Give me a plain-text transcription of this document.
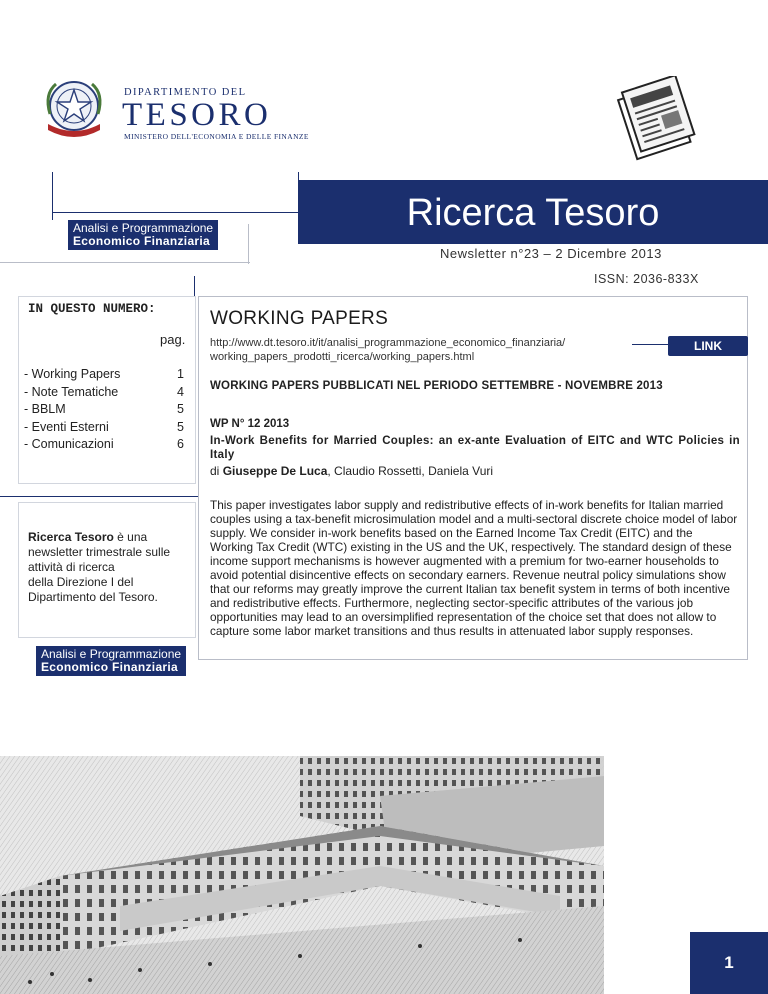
DIPARTIMENTO DEL
TESORO
MINISTERO DELL'ECONOMIA E DELLE FINANZE
Ricerca Tesoro
Analisi e Programmazione
Economico Finanziaria
Newsletter n°23 – 2 Dicembre 2013
ISSN: 2036-833X
IN QUESTO NUMERO:
pag.
- Working Papers	1
- Note Tematiche	4
- BBLM	5
- Eventi Esterni	5
- Comunicazioni	6
Ricerca Tesoro è una
newsletter trimestrale sulle
attività di ricerca
della Direzione I del
Dipartimento del Tesoro.
Analisi e Programmazione
Economico Finanziaria
WORKING PAPERS
http://www.dt.tesoro.it/it/analisi_programmazione_economico_finanziaria/
working_papers_prodotti_ricerca/working_papers.html
LINK
WORKING PAPERS PUBBLICATI NEL PERIODO SETTEMBRE - NOVEMBRE 2013
WP N° 12 2013
In-Work Benefits for Married Couples: an ex-ante Evaluation of EITC and WTC Policies in Italy
di Giuseppe De Luca, Claudio Rossetti, Daniela Vuri
This paper investigates labor supply and redistributive effects of in-work benefits for Italian married couples using a tax-benefit microsimulation model and a multi-sectoral discrete choice model of labor supply. We consider in-work benefits based on the Earned Income Tax Credit (EITC) and the Working Tax Credit (WTC) existing in the US and the UK, respectively. The standard design of these income support mechanisms is however augmented with a premium for two-earner households to avoid potential disincentive effects on secondary earners. Revenue neutral policy simulations show that our reforms may greatly improve the current Italian tax benefit system in terms of both incentive and redistributive effects. Furthermore, neglecting sector-specific attributes of the various job opportunities may lead to an oversimplified representation of the choice set that does not allow to capture some labor market transitions and thus results in attenuated labor supply responses.
1
